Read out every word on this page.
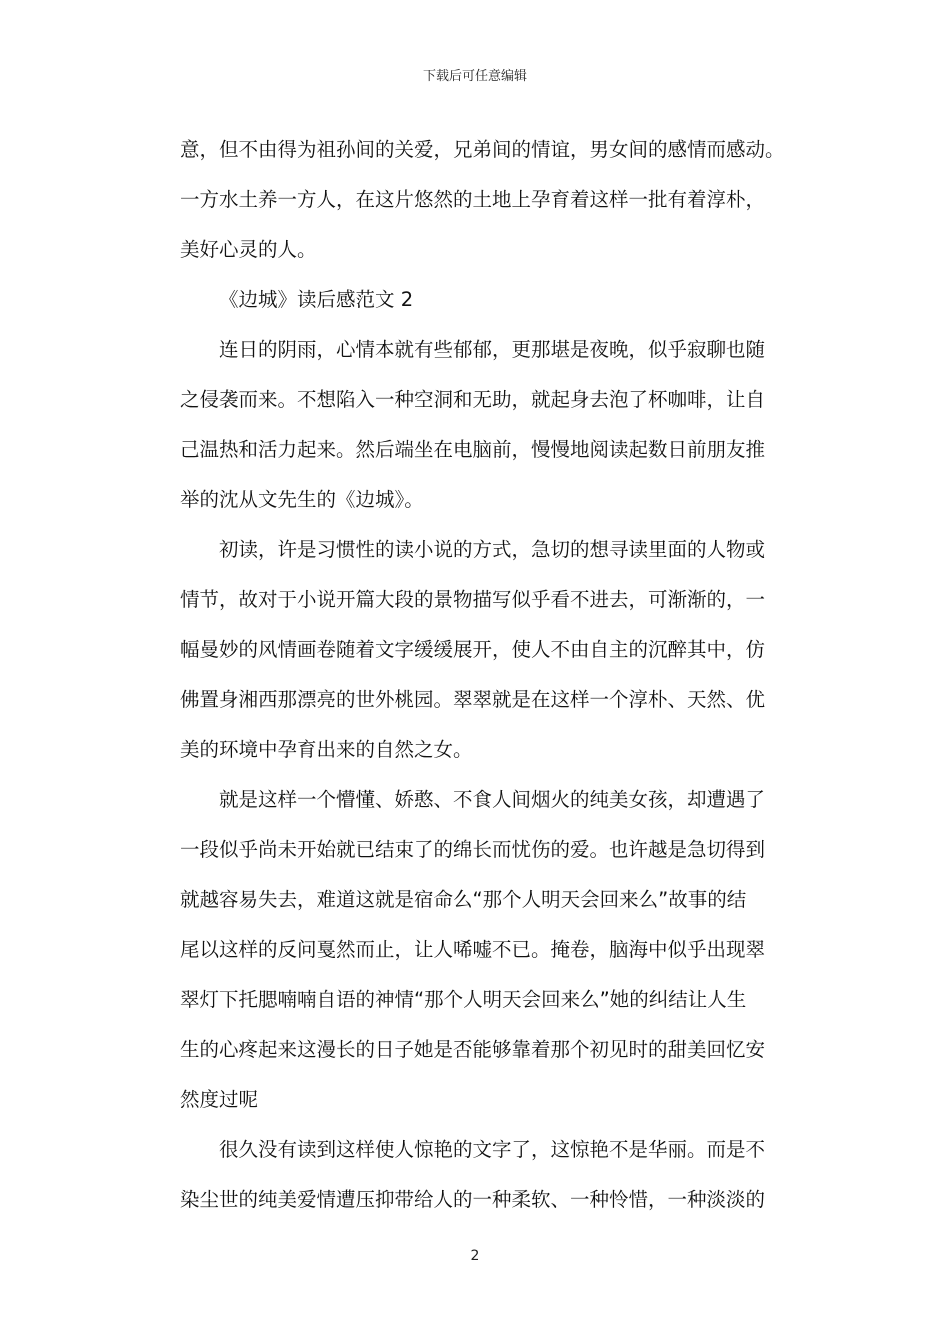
下载后可任意编辑
意，但不由得为祖孙间的关爱，兄弟间的情谊，男女间的感情而感动。
一方水土养一方人，在这片悠然的土地上孕育着这样一批有着淳朴，
美好心灵的人。
《边城》读后感范文 2
连日的阴雨，心情本就有些郁郁，更那堪是夜晚，似乎寂聊也随
之侵袭而来。不想陷入一种空洞和无助，就起身去泡了杯咖啡，让自
己温热和活力起来。然后端坐在电脑前，慢慢地阅读起数日前朋友推
举的沈从文先生的《边城》。
初读，许是习惯性的读小说的方式，急切的想寻读里面的人物或
情节，故对于小说开篇大段的景物描写似乎看不进去，可渐渐的，一
幅曼妙的风情画卷随着文字缓缓展开，使人不由自主的沉醉其中，仿
佛置身湘西那漂亮的世外桃园。翠翠就是在这样一个淳朴、天然、优
美的环境中孕育出来的自然之女。
就是这样一个懵懂、娇憨、不食人间烟火的纯美女孩，却遭遇了
一段似乎尚未开始就已结束了的绵长而忧伤的爱。也许越是急切得到
就越容易失去，难道这就是宿命么“那个人明天会回来么”故事的结
尾以这样的反问戛然而止，让人唏嘘不已。掩卷，脑海中似乎出现翠
翠灯下托腮喃喃自语的神情“那个人明天会回来么”她的纠结让人生
生的心疼起来这漫长的日子她是否能够靠着那个初见时的甜美回忆安
然度过呢
很久没有读到这样使人惊艳的文字了，这惊艳不是华丽。而是不
染尘世的纯美爱情遭压抑带给人的一种柔软、一种怜惜，一种淡淡的
2
